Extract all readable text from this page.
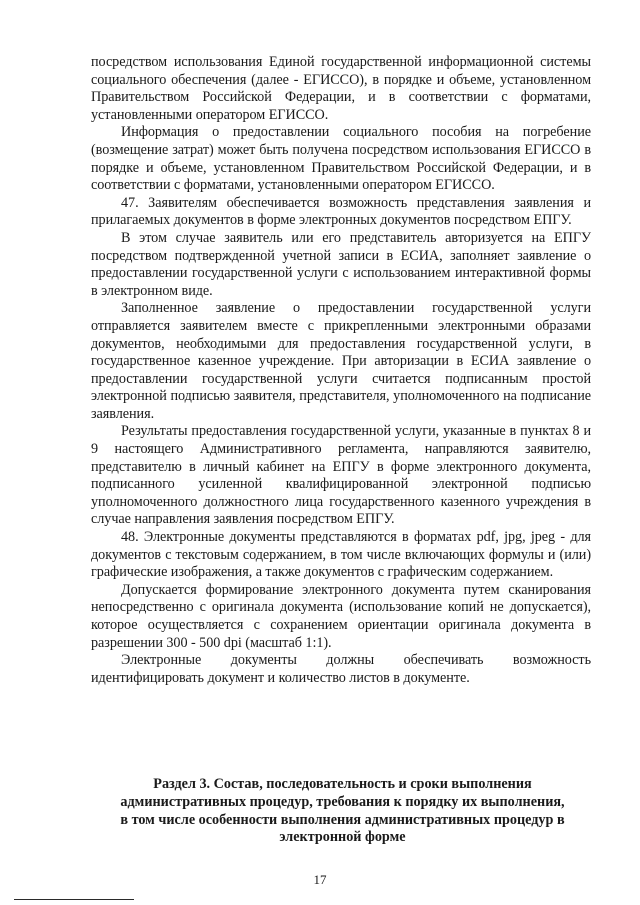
посредством использования Единой государственной информационной системы социального обеспечения (далее - ЕГИССО), в порядке и объеме, установленном Правительством Российской Федерации, и в соответствии с форматами, установленными оператором ЕГИССО.

Информация о предоставлении социального пособия на погребение (возмещение затрат) может быть получена посредством использования ЕГИССО в порядке и объеме, установленном Правительством Российской Федерации, и в соответствии с форматами, установленными оператором ЕГИССО.

47. Заявителям обеспечивается возможность представления заявления и прилагаемых документов в форме электронных документов посредством ЕПГУ.

В этом случае заявитель или его представитель авторизуется на ЕПГУ посредством подтвержденной учетной записи в ЕСИА, заполняет заявление о предоставлении государственной услуги с использованием интерактивной формы в электронном виде.

Заполненное заявление о предоставлении государственной услуги отправляется заявителем вместе с прикрепленными электронными образами документов, необходимыми для предоставления государственной услуги, в государственное казенное учреждение. При авторизации в ЕСИА заявление о предоставлении государственной услуги считается подписанным простой электронной подписью заявителя, представителя, уполномоченного на подписание заявления.

Результаты предоставления государственной услуги, указанные в пунктах 8 и 9 настоящего Административного регламента, направляются заявителю, представителю в личный кабинет на ЕПГУ в форме электронного документа, подписанного усиленной квалифицированной электронной подписью уполномоченного должностного лица государственного казенного учреждения в случае направления заявления посредством ЕПГУ.

48. Электронные документы представляются в форматах pdf, jpg, jpeg - для документов с текстовым содержанием, в том числе включающих формулы и (или) графические изображения, а также документов с графическим содержанием.

Допускается формирование электронного документа путем сканирования непосредственно с оригинала документа (использование копий не допускается), которое осуществляется с сохранением ориентации оригинала документа в разрешении 300 - 500 dpi (масштаб 1:1).

Электронные документы должны обеспечивать возможность идентифицировать документ и количество листов в документе.

Раздел 3. Состав, последовательность и сроки выполнения административных процедур, требования к порядку их выполнения, в том числе особенности выполнения административных процедур в электронной форме
17
